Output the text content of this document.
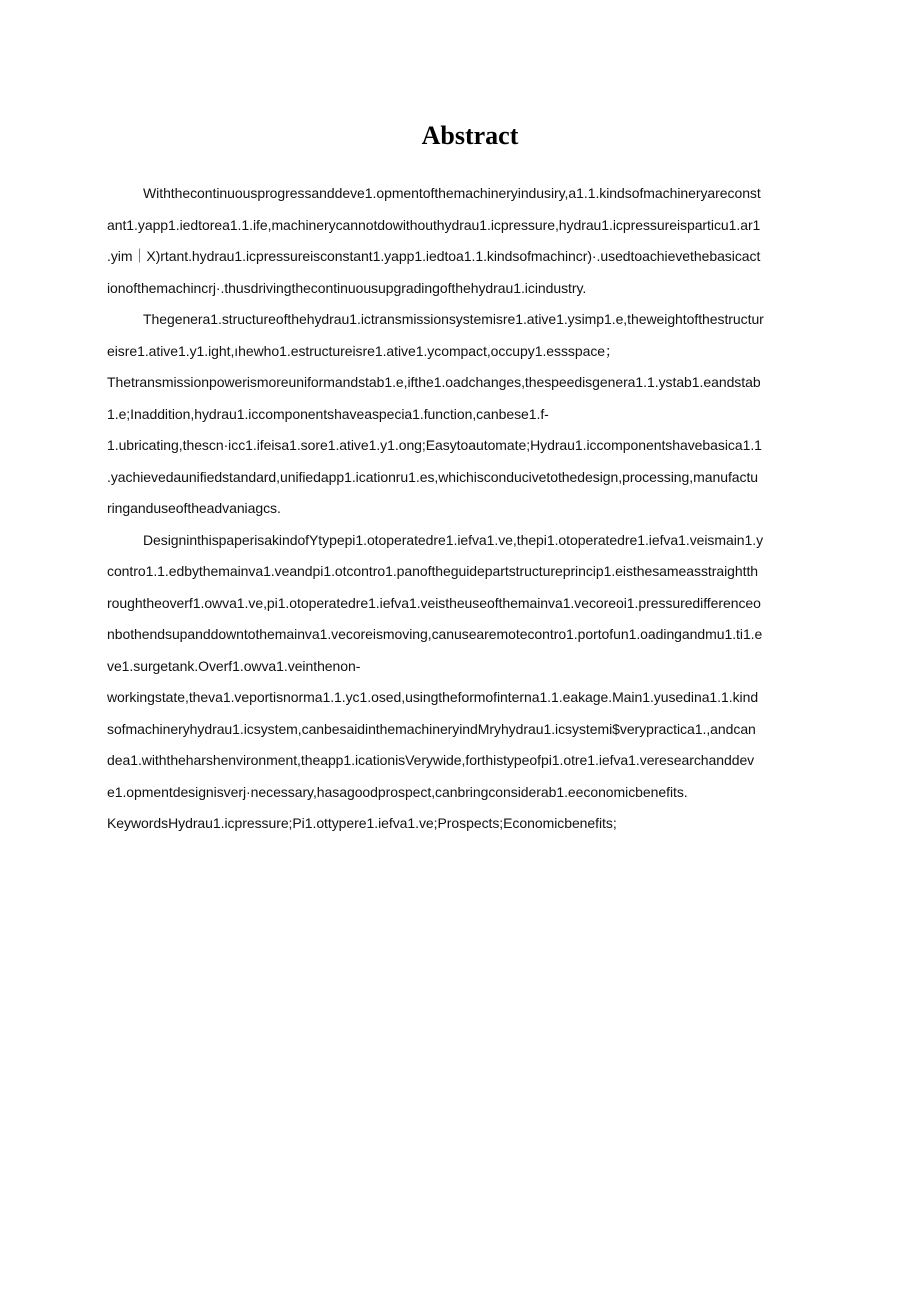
Abstract
Withthecontinuousprogressanddeve1.opmentofthemachineryindusiry,a1.1.kindsofmachineryareconst
ant1.yapp1.iedtorea1.1.ife,machinerycannotdowithouthydrau1.icpressure,hydrau1.icpressureisparticu1.ar1
.yim｜X)rtant.hydrau1.icpressureisconstant1.yapp1.iedtoa1.1.kindsofmachincr)·.usedtoachievethebasicact
ionofthemachincrj·.thusdrivingthecontinuousupgradingofthehydrau1.icindustry.
Thegenera1.structureofthehydrau1.ictransmissionsystemisre1.ative1.ysimp1.e,theweightofthestructur
eisre1.ative1.y1.ight,ıhewho1.estructureisre1.ative1.ycompact,occupy1.essspace；
Thetransmissionpowerismoreuniformandstab1.e,ifthe1.oadchanges,thespeedisgenera1.1.ystab1.eandstab
1.e;Inaddition,hydrau1.iccomponentshaveaspecia1.function,canbese1.f-
1.ubricating,thescn·icc1.ifeisa1.sore1.ative1.y1.ong;Easytoautomate;Hydrau1.iccomponentshavebasica1.1
.yachievedaunifiedstandard,unifiedapp1.icationru1.es,whichisconducivetothedesign,processing,manufactu
ringanduseoftheadvaniagcs.
DesigninthispaperisakindofYtypepi1.otoperatedre1.iefva1.ve,thepi1.otoperatedre1.iefva1.veismain1.y
contro1.1.edbythemainva1.veandpi1.otcontro1.panoftheguidepartstructureprincip1.eisthesameasstraightth
roughtheoverf1.owva1.ve,pi1.otoperatedre1.iefva1.veistheuseofthemainva1.vecoreoi1.pressuredifferenceo
nbothendsupanddowntothemainva1.vecoreismoving,canusearemotecontro1.portofun1.oadingandmu1.ti1.e
ve1.surgetank.Overf1.owva1.veinthenon-
workingstate,theva1.veportisnorma1.1.yc1.osed,usingtheformofinterna1.1.eakage.Main1.yusedina1.1.kind
sofmachineryhydrau1.icsystem,canbesaidinthemachineryindMryhydrau1.icsystemi$verypractica1.,andcan
dea1.withtheharshenvironment,theapp1.icationisVerywide,forthistypeofpi1.otre1.iefva1.veresearchanddev
e1.opmentdesignisverj·necessary,hasagoodprospect,canbringconsiderab1.eeconomicbenefits.
KeywordsHydrau1.icpressure;Pi1.ottypere1.iefva1.ve;Prospects;Economicbenefits;
